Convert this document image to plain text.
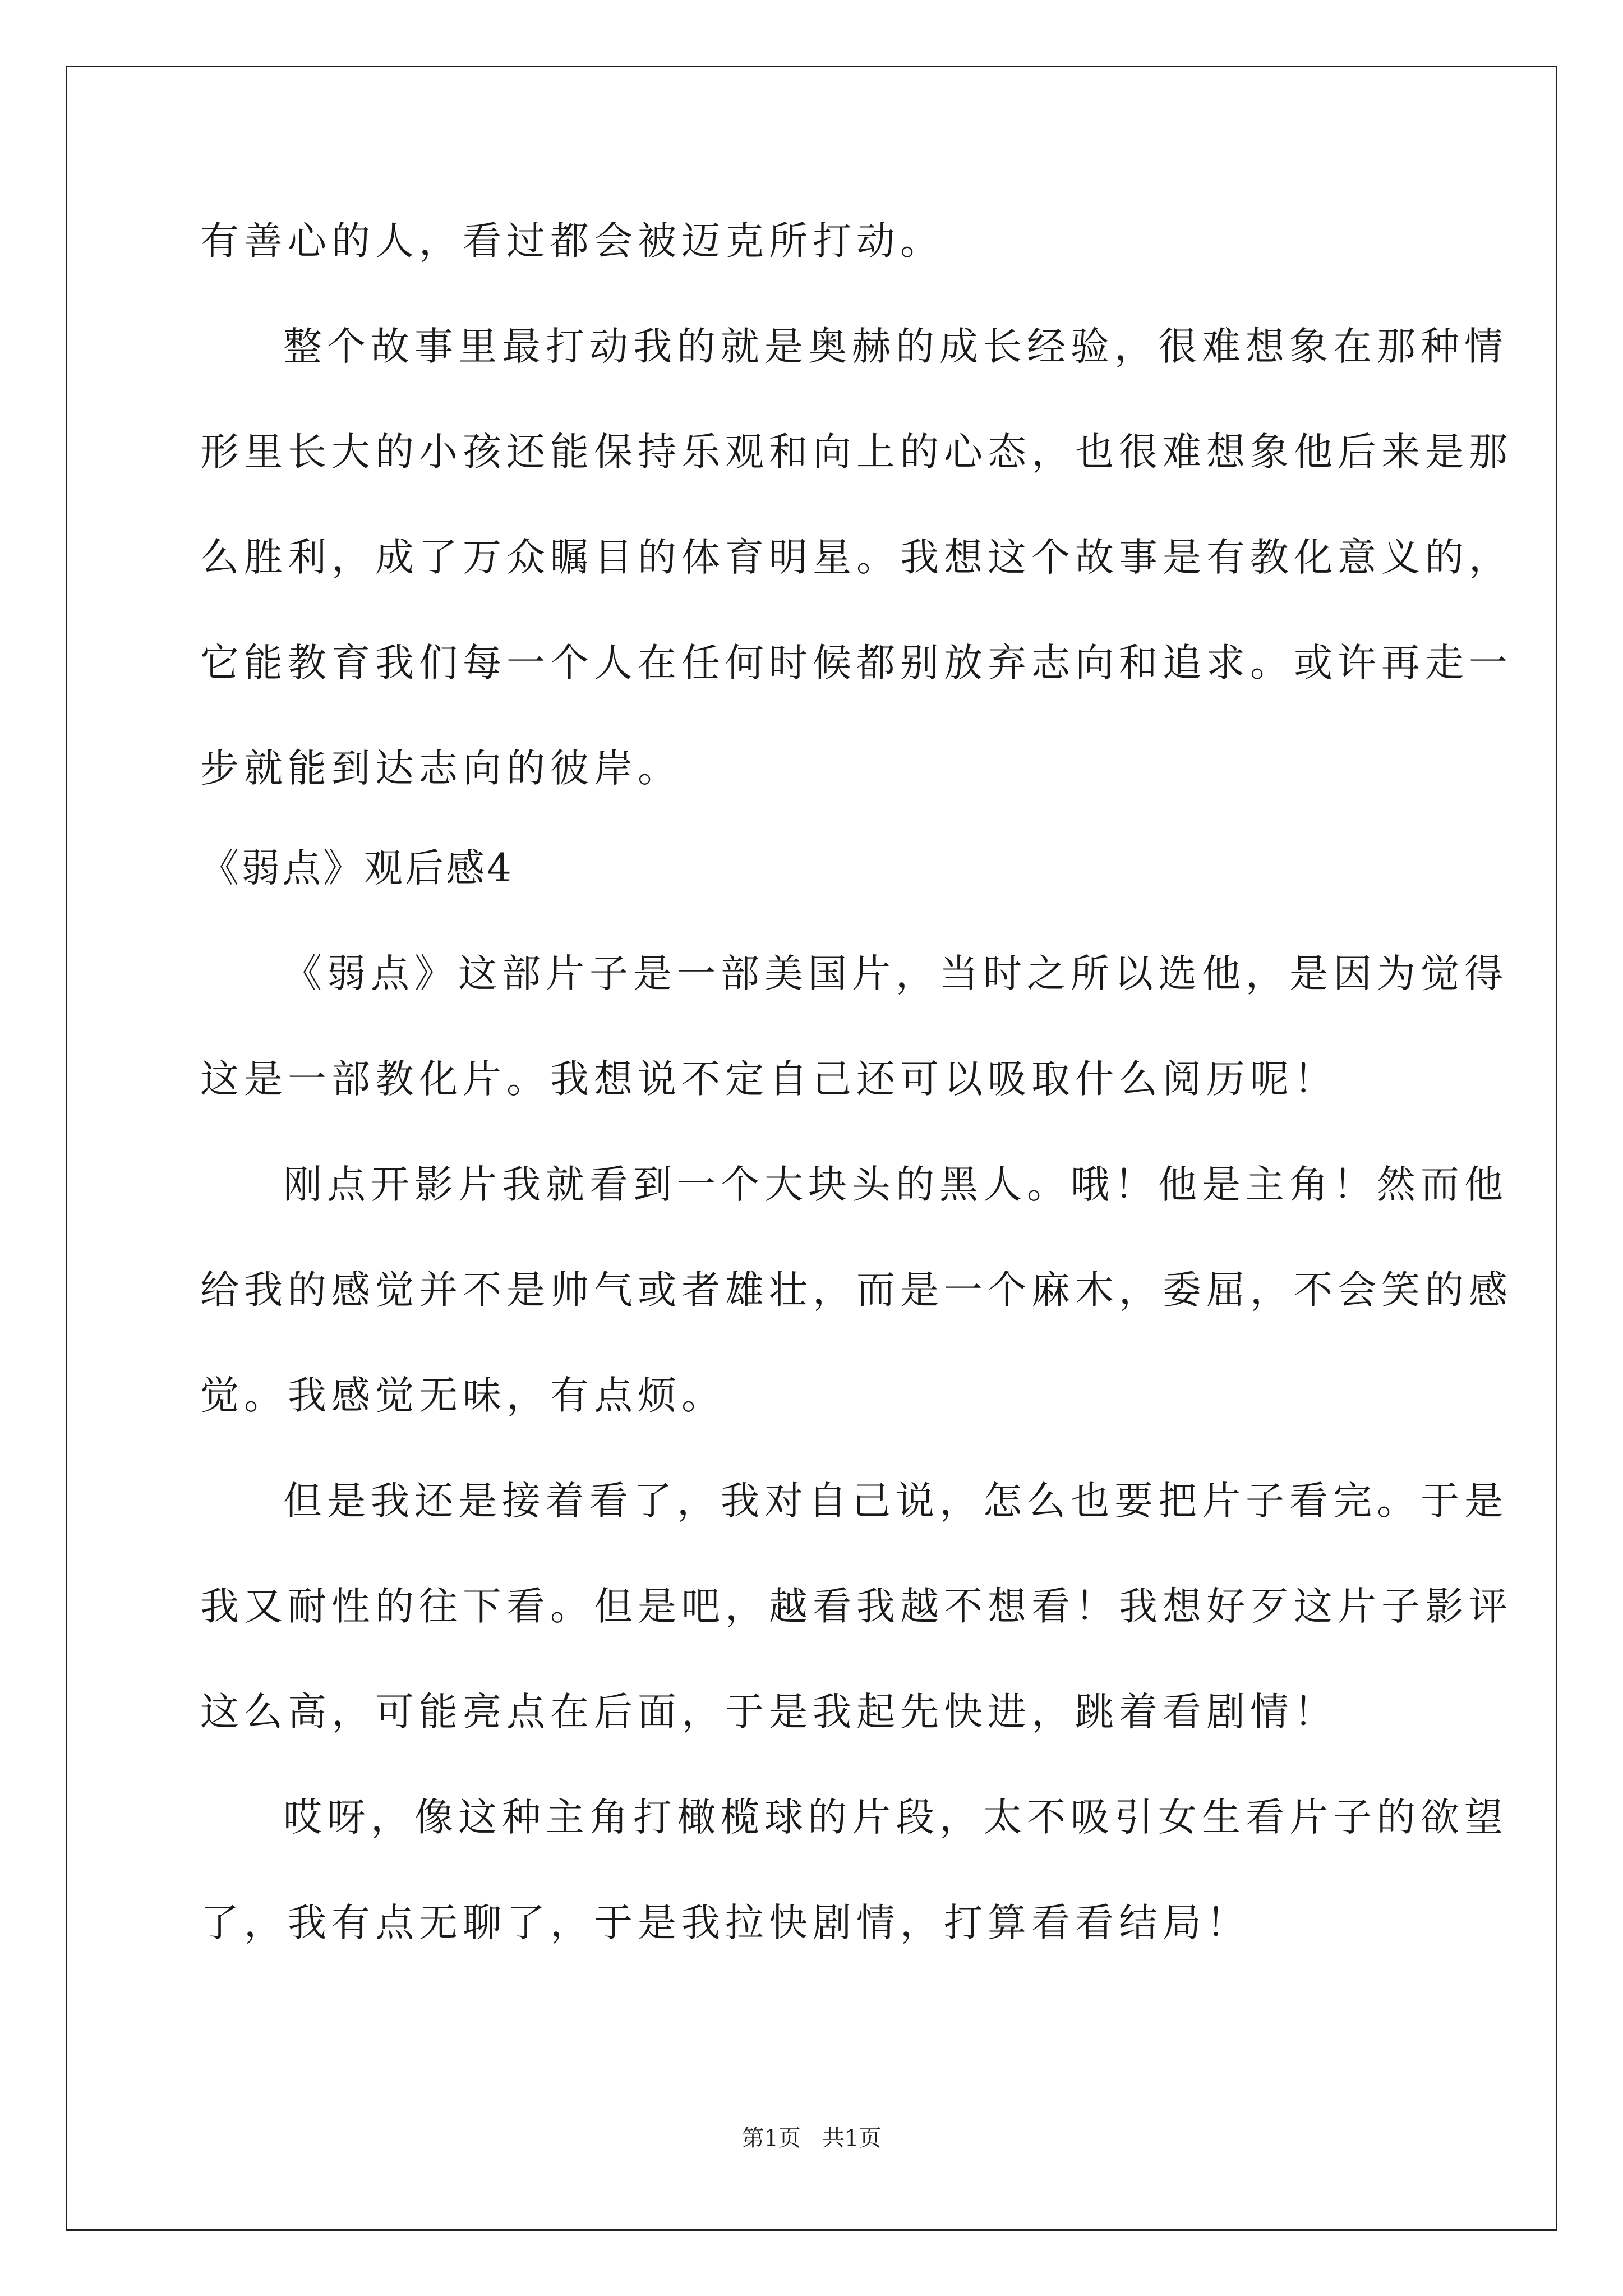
有善心的人，看过都会被迈克所打动。
整个故事里最打动我的就是奥赫的成长经验，很难想象在那种情
形里长大的小孩还能保持乐观和向上的心态，也很难想象他后来是那
么胜利，成了万众瞩目的体育明星。我想这个故事是有教化意义的，
它能教育我们每一个人在任何时候都别放弃志向和追求。或许再走一
步就能到达志向的彼岸。
《弱点》观后感4
《弱点》这部片子是一部美国片，当时之所以选他，是因为觉得
这是一部教化片。我想说不定自己还可以吸取什么阅历呢！
刚点开影片我就看到一个大块头的黑人。哦！他是主角！然而他
给我的感觉并不是帅气或者雄壮，而是一个麻木，委屈，不会笑的感
觉。我感觉无味，有点烦。
但是我还是接着看了，我对自己说，怎么也要把片子看完。于是
我又耐性的往下看。但是吧，越看我越不想看！我想好歹这片子影评
这么高，可能亮点在后面，于是我起先快进，跳着看剧情！
哎呀，像这种主角打橄榄球的片段，太不吸引女生看片子的欲望
了，我有点无聊了，于是我拉快剧情，打算看看结局！
第1页   共1页
